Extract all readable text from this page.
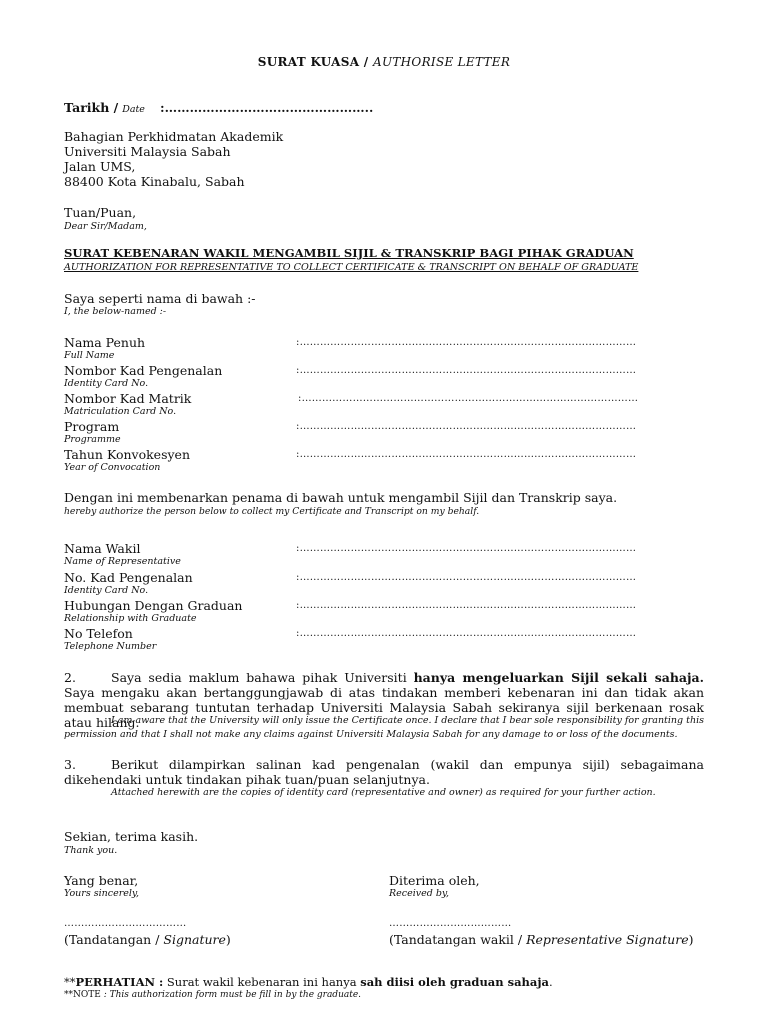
SURAT KUASA / AUTHORISE LETTER
Tarikh / Date :…………………………………………..
Bahagian Perkhidmatan Akademik
Universiti Malaysia Sabah
Jalan UMS,
88400 Kota Kinabalu, Sabah
Tuan/Puan,
Dear Sir/Madam,
SURAT KEBENARAN WAKIL MENGAMBIL SIJIL & TRANSKRIP BAGI PIHAK GRADUAN
AUTHORIZATION FOR REPRESENTATIVE TO COLLECT CERTIFICATE & TRANSCRIPT ON BEHALF OF GRADUATE
Saya seperti nama di bawah :-
I, the below-named :-
Nama Penuh
Full Name
:………………………………………………………………………………………
Nombor Kad Pengenalan
Identity Card No.
:………………………………………………………………………………………
Nombor Kad Matrik
Matriculation Card No.
:………………………………………………………………………………………
Program
Programme
:………………………………………………………………………………………
Tahun Konvokesyen
Year of Convocation
:………………………………………………………………………………………
Dengan ini membenarkan penama di bawah untuk mengambil Sijil dan Transkrip saya.
hereby authorize the person below to collect my Certificate and Transcript on my behalf.
Nama Wakil
Name of Representative
:………………………………………………………………………………………
No. Kad Pengenalan
Identity Card No.
:………………………………………………………………………………………
Hubungan Dengan Graduan
Relationship with Graduate
:………………………………………………………………………………………
No Telefon
Telephone Number
:………………………………………………………………………………………
2.	Saya sedia maklum bahawa pihak Universiti hanya mengeluarkan Sijil sekali sahaja. Saya mengaku akan bertanggungjawab di atas tindakan memberi kebenaran ini dan tidak akan membuat sebarang tuntutan terhadap Universiti Malaysia Sabah sekiranya sijil berkenaan rosak atau hilang.
I am aware that the University will only issue the Certificate once. I declare that I bear sole responsibility for granting this permission and that I shall not make any claims against Universiti Malaysia Sabah for any damage to or loss of the documents.
3.	Berikut dilampirkan salinan kad pengenalan (wakil dan empunya sijil) sebagaimana dikehendaki untuk tindakan pihak tuan/puan selanjutnya.
Attached herewith are the copies of identity card (representative and owner) as required for your further action.
Sekian, terima kasih.
Thank you.
Yang benar,
Yours sincerely,
………………………………
(Tandatangan / Signature)
Diterima oleh,
Received by,
………………………………
(Tandatangan wakil / Representative Signature)
**PERHATIAN : Surat wakil kebenaran ini hanya sah diisi oleh graduan sahaja.
**NOTE : This authorization form must be fill in by the graduate.
